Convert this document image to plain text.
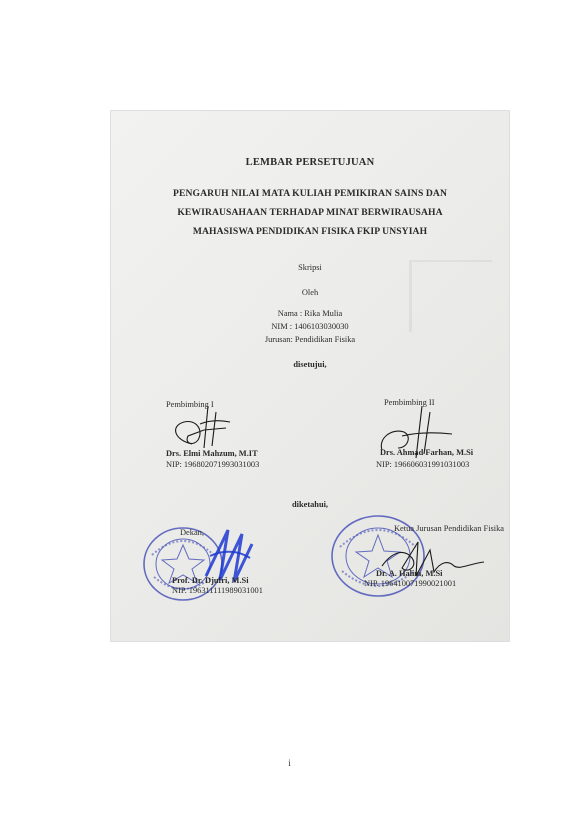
LEMBAR PERSETUJUAN
PENGARUH NILAI MATA KULIAH PEMIKIRAN SAINS DAN
KEWIRAUSAHAAN TERHADAP MINAT BERWIRAUSAHA
MAHASISWA PENDIDIKAN FISIKA FKIP UNSYIAH
Skripsi
Oleh
Nama : Rika Mulia
NIM : 1406103030030
Jurusan: Pendidikan Fisika
disetujui,
Pembimbing I
Drs. Elmi Mahzum, M.IT
NIP: 196802071993031003
Pembimbing II
Drs. Ahmad Farhan, M.Si
NIP: 196606031991031003
diketahui,
Dekan,
Prof. Dr. Djufri, M.Si
NIP. 196311111989031001
Ketua Jurusan Pendidikan Fisika
Dr. A. Halim, M.Si
NIP. 196410071990021001
i
